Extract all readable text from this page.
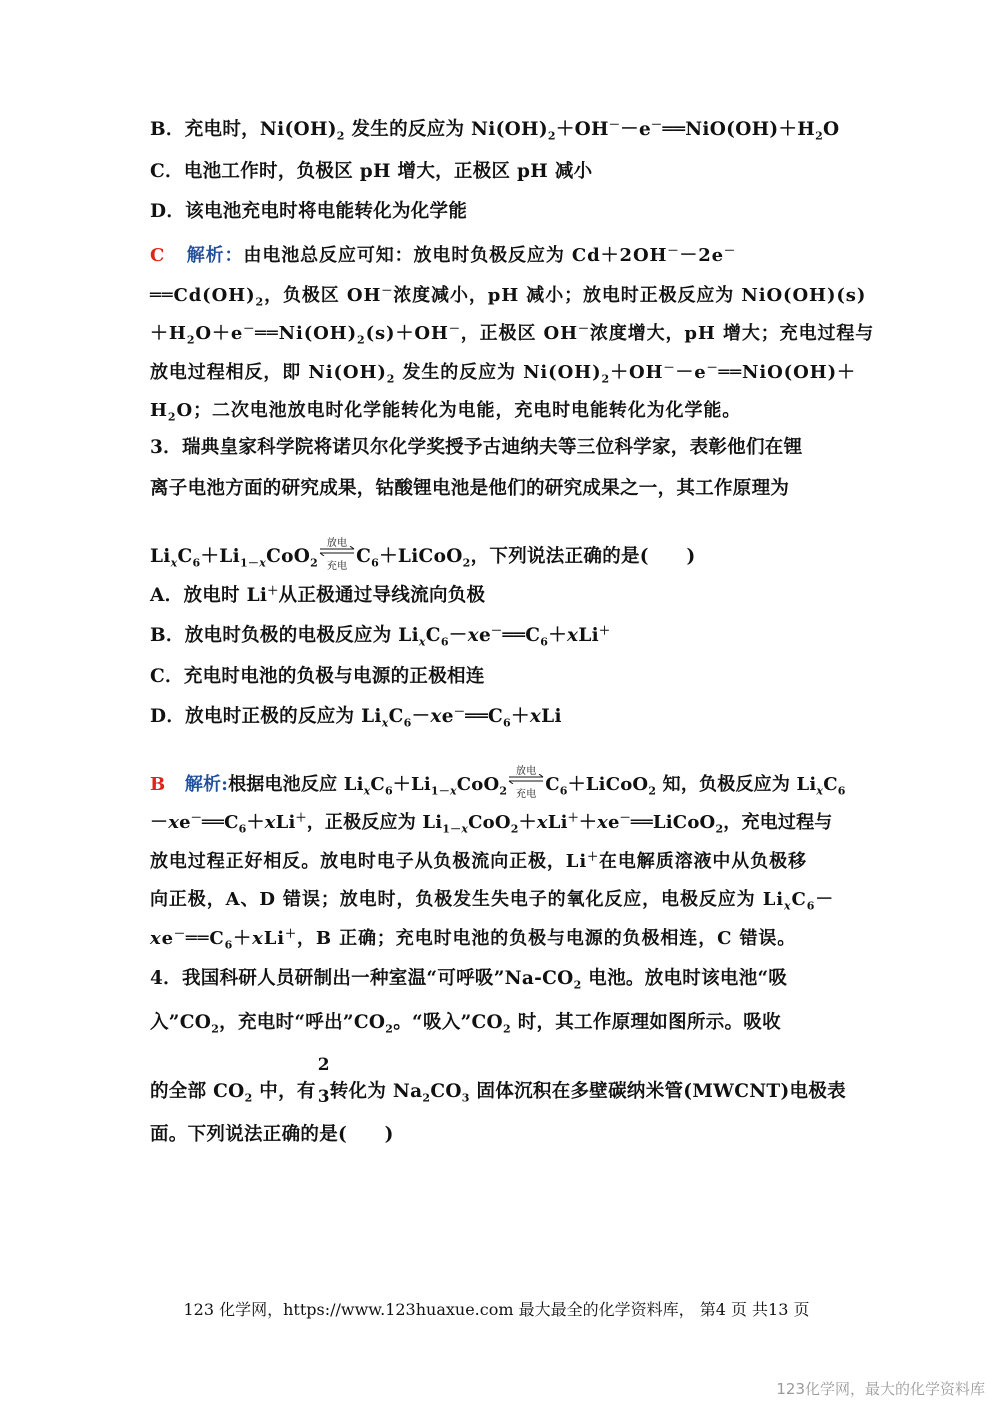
B．充电时，$Ni(OH)_2$ 发生的反应为 $Ni(OH)_2+OH^--e^-══NiO(OH)+H_2O$
C．电池工作时，负极区 pH 增大，正极区 pH 减小
D．该电池充电时将电能转化为化学能
C 解析：由电池总反应可知：放电时负极反应为 Cd＋2OH－－2e－
$══Cd(OH)_2$，负极区 OH－浓度减小，pH 减小；放电时正极反应为 NiO(OH)(s)
$+H_2O+e^-══Ni(OH)_2(s)+OH^-$，正极区 OH－浓度增大，pH 增大；充电过程与
放电过程相反，即 $Ni(OH)_2$ 发生的反应为 $Ni(OH)_2+OH^--e^-══NiO(OH)+$
$H_2O$；二次电池放电时化学能转化为电能，充电时电能转化为化学能。
3．瑞典皇家科学院将诺贝尔化学奖授予古迪纳夫等三位科学家，表彰他们在锂
离子电池方面的研究成果，钴酸锂电池是他们的研究成果之一，其工作原理为
$Li_xC_6+Li_{1-x}CoO_2$
放电
充电 $C_6+LiCoO_2$，下列说法正确的是(　　)
A．放电时 Li＋从正极通过导线流向负极
B．放电时负极的电极反应为 $Li_xC_6-xe^-══C_6+xLi^+$
C．充电时电池的负极与电源的正极相连
D．放电时正极的反应为 $Li_xC_6-xe^-══C_6+xLi$
B 解析:根据电池反应 $Li_xC_6+Li_{1-x}CoO_2$
放电
充电 $C_6+LiCoO_2$ 知，负极反应为 $Li_xC_6$
$-xe^-══C_6+xLi^+$，正极反应为 $Li_{1-x}CoO_2+xLi^++xe^-══LiCoO_2$，充电过程与
放电过程正好相反。放电时电子从负极流向正极，Li＋在电解质溶液中从负极移
向正极，A、D 错误；放电时，负极发生失电子的氧化反应，电极反应为 $Li_xC_6-$
$xe^-══C_6+xLi^+$，B 正确；充电时电池的负极与电源的负极相连，C 错误。
4．我国科研人员研制出一种室温“可呼吸$”Na-CO_2$ 电池。放电时该电池“吸
入$”CO_2$，充电时“呼出$”CO_2$。“吸入$”CO_2$ 时，其工作原理如图所示。吸收
的全部 $CO_2$ 中，有
2
3 转化为 $Na_2CO_3$ 固体沉积在多壁碳纳米管(MWCNT)电极表
面。下列说法正确的是(　　)
123 化学网，https://www.123huaxue.com 最大最全的化学资料库， 第4 页 共13 页
123化学网，最大的化学资料库
